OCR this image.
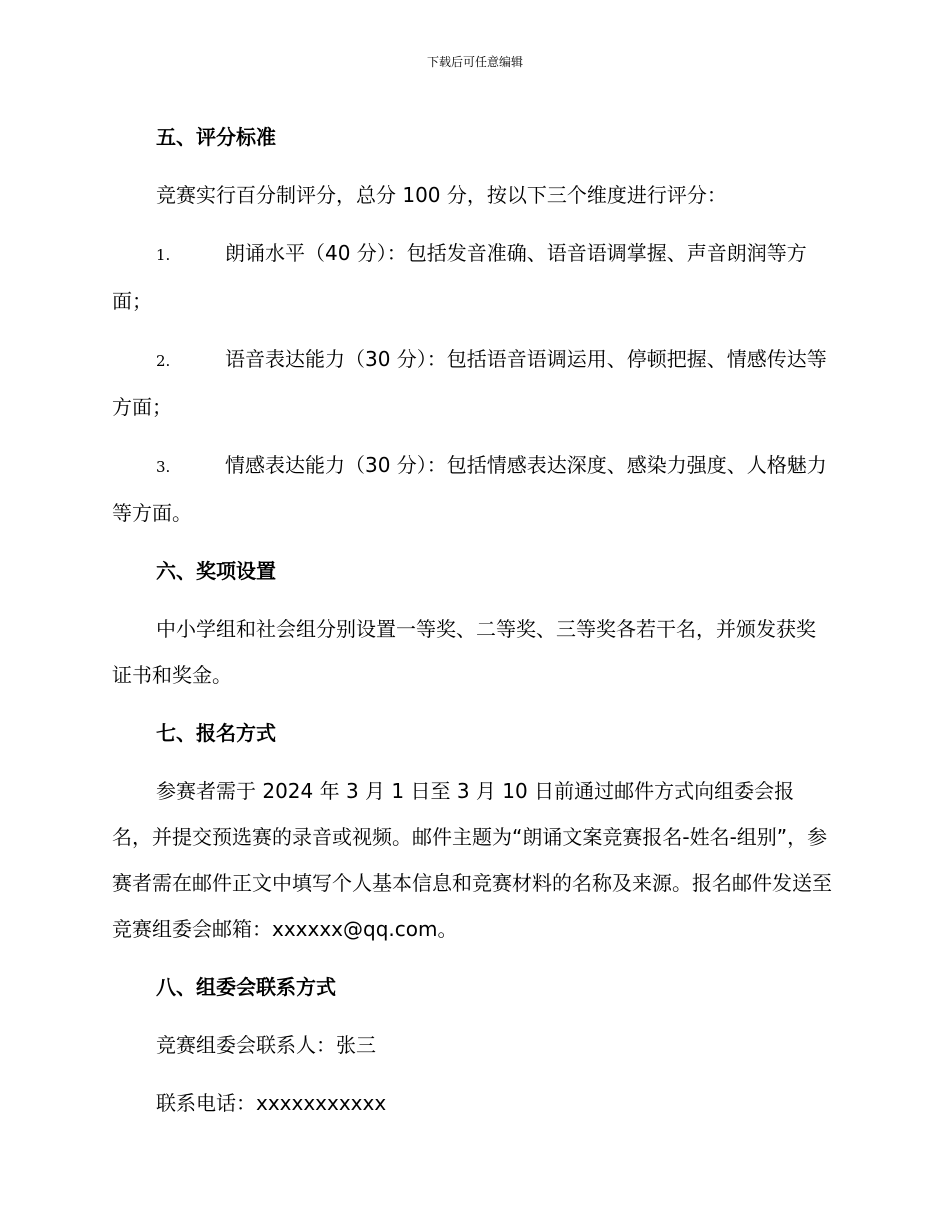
下载后可任意编辑
五、评分标准
竞赛实行百分制评分，总分 100 分，按以下三个维度进行评分：
1.	朗诵水平（40 分）：包括发音准确、语音语调掌握、声音朗润等方面；
2.	语音表达能力（30 分）：包括语音语调运用、停顿把握、情感传达等方面；
3.	情感表达能力（30 分）：包括情感表达深度、感染力强度、人格魅力等方面。
六、奖项设置
中小学组和社会组分别设置一等奖、二等奖、三等奖各若干名，并颁发获奖证书和奖金。
七、报名方式
参赛者需于 2024 年 3 月 1 日至 3 月 10 日前通过邮件方式向组委会报名，并提交预选赛的录音或视频。邮件主题为“朗诵文案竞赛报名-姓名-组别”，参赛者需在邮件正文中填写个人基本信息和竞赛材料的名称及来源。报名邮件发送至竞赛组委会邮箱：xxxxxx@qq.com。
八、组委会联系方式
竞赛组委会联系人：张三
联系电话：xxxxxxxxxxx
